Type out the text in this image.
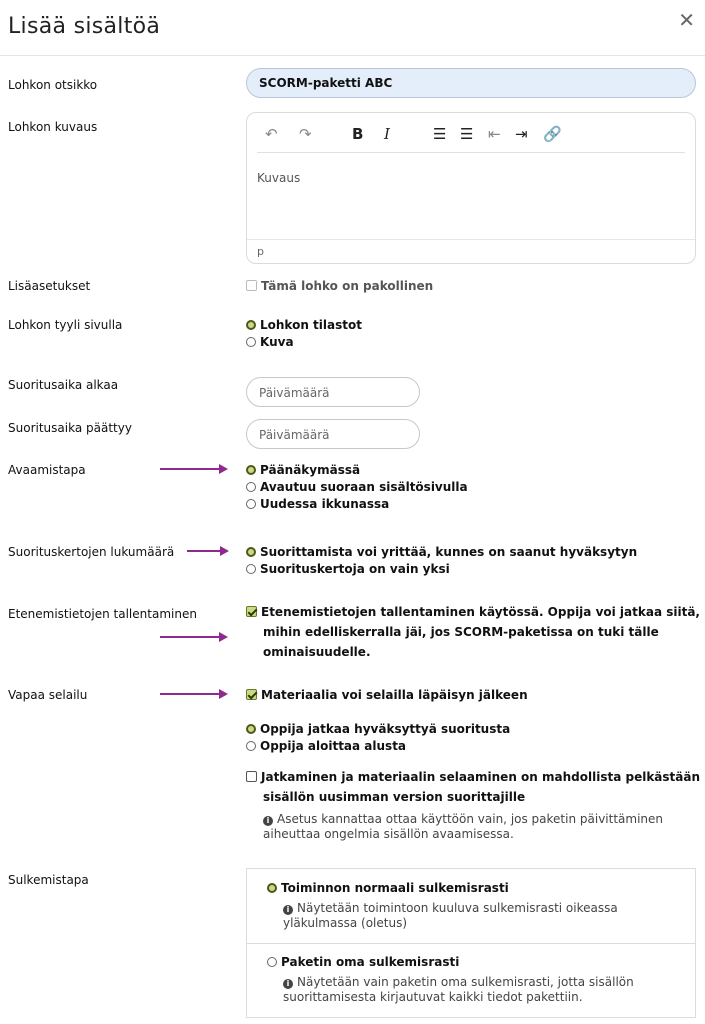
Lisää sisältöä	✕
Lohkon otsikko	SCORM-paketti ABC
Lohkon kuvaus	↶ ↷	B I	☰ ☰ ⇤ ⇥ 🔗
Kuvaus
p
Lisäasetukset	Tämä lohko on pakollinen
Lohkon tyyli sivulla	Lohkon tilastot
Kuva
Suoritusaika alkaa
Päivämäärä
Suoritusaika päättyy	Päivämäärä
Avaamistapa	Päänäkymässä
Avautuu suoraan sisältösivulla
Uudessa ikkunassa
Suorituskertojen lukumäärä	Suorittamista voi yrittää, kunnes on saanut hyväksytyn
Suorituskertoja on vain yksi
Etenemistietojen tallentaminen	Etenemistietojen tallentaminen käytössä. Oppija voi jatkaa siitä,
mihin edelliskerralla jäi, jos SCORM-paketissa on tuki tälle
ominaisuudelle.
Vapaa selailu	Materiaalia voi selailla läpäisyn jälkeen
Oppija jatkaa hyväksyttyä suoritusta
Oppija aloittaa alusta
Jatkaminen ja materiaalin selaaminen on mahdollista pelkästään
sisällön uusimman version suorittajille
i Asetus kannattaa ottaa käyttöön vain, jos paketin päivittäminen
aiheuttaa ongelmia sisällön avaamisessa.
Sulkemistapa
Toiminnon normaali sulkemisrasti
i Näytetään toimintoon kuuluva sulkemisrasti oikeassa
yläkulmassa (oletus)
Paketin oma sulkemisrasti
i Näytetään vain paketin oma sulkemisrasti, jotta sisällön
suorittamisesta kirjautuvat kaikki tiedot pakettiin.
